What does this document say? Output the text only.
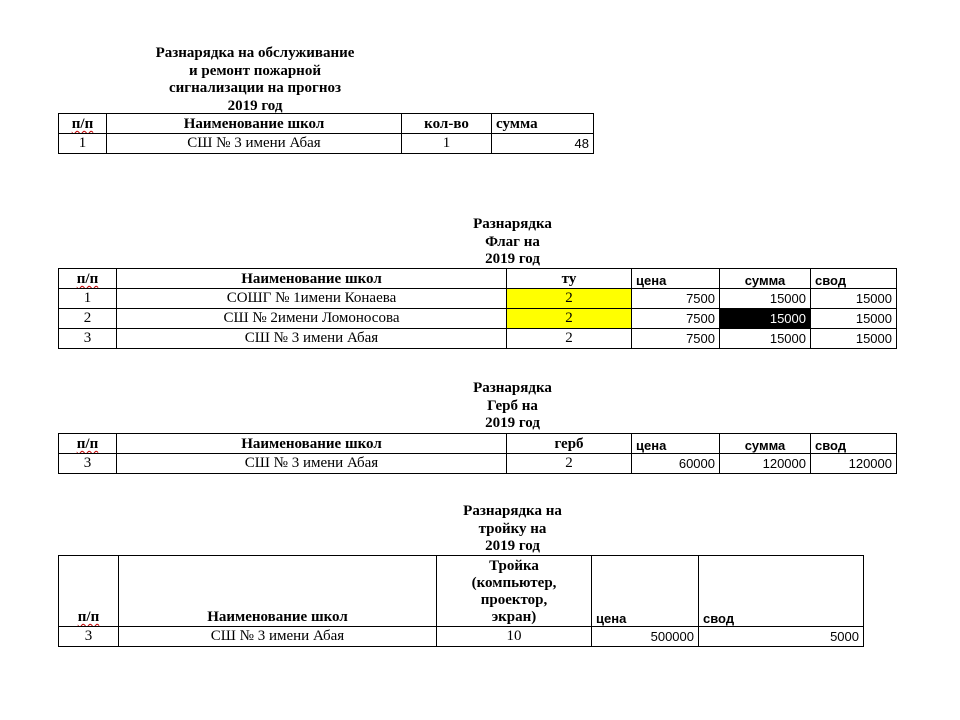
Разнарядка на обслуживание
и ремонт пожарной
сигнализации на прогноз
2019 год
п/п	Наименование школ	кол-во	сумма
1	СШ № 3 имени Абая	1	48
Разнарядка
Флаг на
2019 год
п/п	Наименование школ	ту	цена	сумма	свод
1	СОШГ № 1имени Конаева	2	7500	15000	15000
2	СШ № 2имени Ломоносова	2	7500	15000	15000
3	СШ № 3 имени Абая	2	7500	15000	15000
Разнарядка
Герб на
2019 год
п/п	Наименование школ	герб	цена	сумма	свод
3	СШ № 3 имени Абая	2	60000	120000	120000
Разнарядка на
тройку на
2019 год
п/п	Наименование школ	Тройка
(компьютер,
проектор,
экран)	цена	свод
3	СШ № 3 имени Абая	10	500000	5000
